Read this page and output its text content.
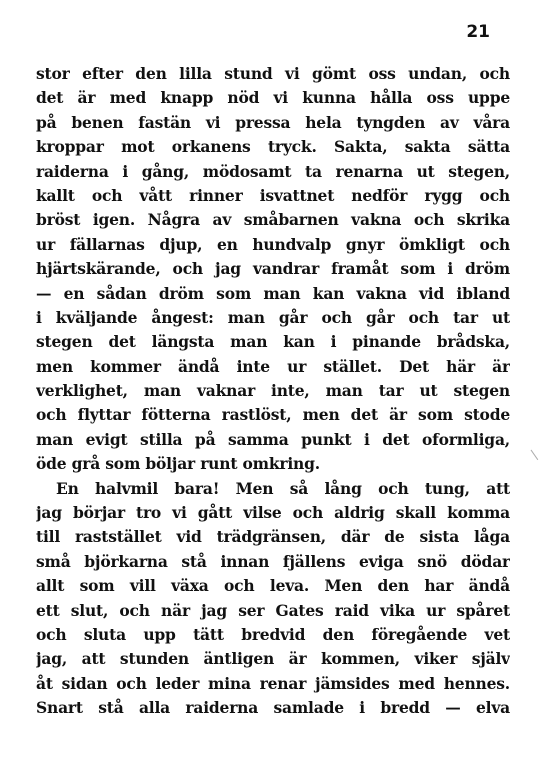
21
stor efter den lilla stund vi gömt oss undan, och
det är med knapp nöd vi kunna hålla oss uppe
på benen fastän vi pressa hela tyngden av våra
kroppar mot orkanens tryck. Sakta, sakta sätta
raiderna i gång, mödosamt ta renarna ut stegen,
kallt och vått rinner isvattnet nedför rygg och
bröst igen. Några av småbarnen vakna och skrika
ur fällarnas djup, en hundvalp gnyr ömkligt och
hjärtskärande, och jag vandrar framåt som i dröm
— en sådan dröm som man kan vakna vid ibland
i kväljande ångest: man går och går och tar ut
stegen det längsta man kan i pinande brådska,
men kommer ändå inte ur stället. Det här är
verklighet, man vaknar inte, man tar ut stegen
och flyttar fötterna rastlöst, men det är som stode
man evigt stilla på samma punkt i det oformliga,
öde grå som böljar runt omkring.
En halvmil bara! Men så lång och tung, att
jag börjar tro vi gått vilse och aldrig skall komma
till raststället vid trädgränsen, där de sista låga
små björkarna stå innan fjällens eviga snö dödar
allt som vill växa och leva. Men den har ändå
ett slut, och när jag ser Gates raid vika ur spåret
och sluta upp tätt bredvid den föregående vet
jag, att stunden äntligen är kommen, viker själv
åt sidan och leder mina renar jämsides med hennes.
Snart stå alla raiderna samlade i bredd — elva
